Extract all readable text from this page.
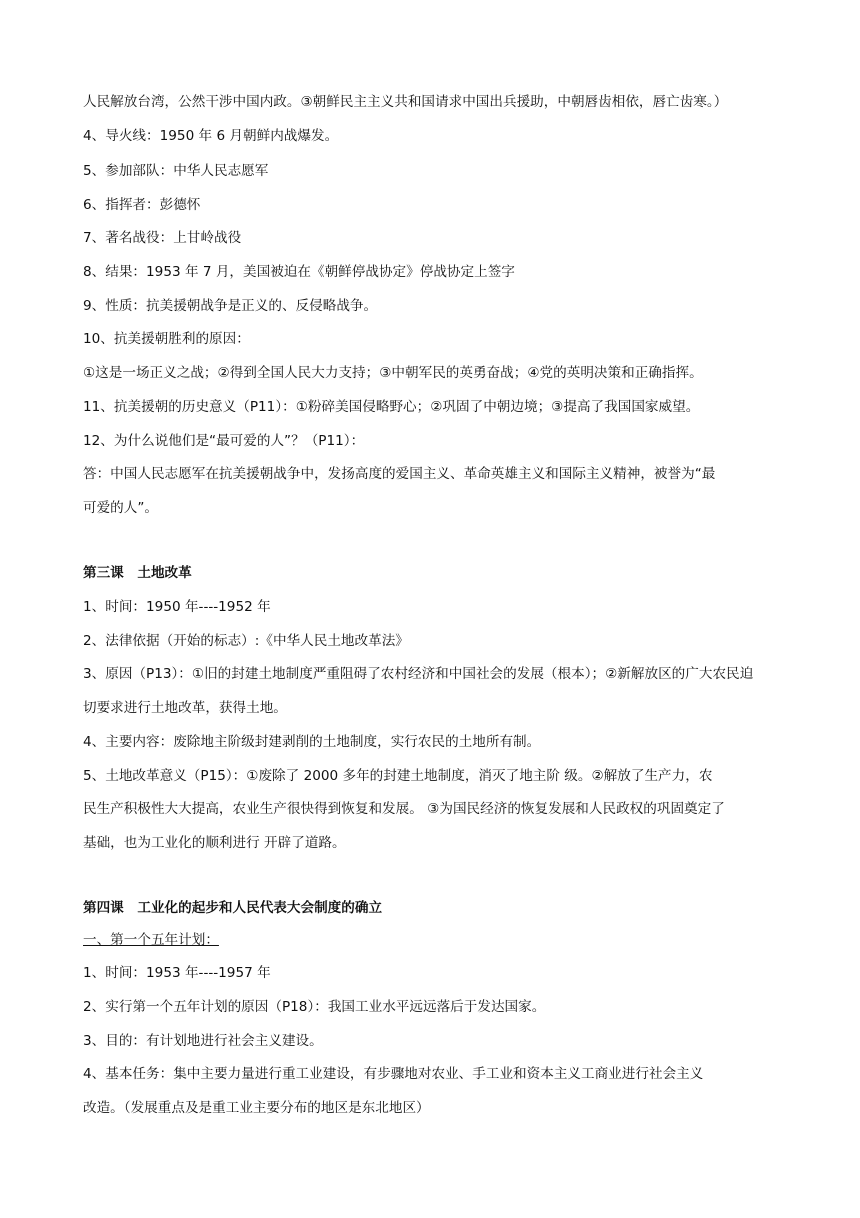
人民解放台湾，公然干涉中国内政。③朝鲜民主主义共和国请求中国出兵援助，中朝唇齿相依，唇亡齿寒。）
4、导火线：1950 年 6 月朝鲜内战爆发。
5、参加部队：中华人民志愿军
6、指挥者：彭德怀
7、著名战役：上甘岭战役
8、结果：1953 年 7 月，美国被迫在《朝鲜停战协定》停战协定上签字
9、性质：抗美援朝战争是正义的、反侵略战争。
10、抗美援朝胜利的原因：
①这是一场正义之战；②得到全国人民大力支持；③中朝军民的英勇奋战；④党的英明决策和正确指挥。
11、抗美援朝的历史意义（P11）：①粉碎美国侵略野心；②巩固了中朝边境；③提高了我国国家威望。
12、为什么说他们是“最可爱的人”？（P11）：
答：中国人民志愿军在抗美援朝战争中，发扬高度的爱国主义、革命英雄主义和国际主义精神，被誉为“最
可爱的人”。
第三课　土地改革
1、时间：1950 年----1952 年
2、法律依据（开始的标志）:《中华人民土地改革法》
3、原因（P13）：①旧的封建土地制度严重阻碍了农村经济和中国社会的发展（根本）；②新解放区的广大农民迫
切要求进行土地改革，获得土地。
4、主要内容：废除地主阶级封建剥削的土地制度，实行农民的土地所有制。
5、土地改革意义（P15）：①废除了 2000 多年的封建土地制度，消灭了地主阶 级。②解放了生产力，农
民生产积极性大大提高，农业生产很快得到恢复和发展。 ③为国民经济的恢复发展和人民政权的巩固奠定了
基础，也为工业化的顺利进行 开辟了道路。
第四课　工业化的起步和人民代表大会制度的确立
一、第一个五年计划：
1、时间：1953 年----1957 年
2、实行第一个五年计划的原因（P18）：我国工业水平远远落后于发达国家。
3、目的：有计划地进行社会主义建设。
4、基本任务：集中主要力量进行重工业建设，有步骤地对农业、手工业和资本主义工商业进行社会主义
改造。（发展重点及是重工业主要分布的地区是东北地区）
